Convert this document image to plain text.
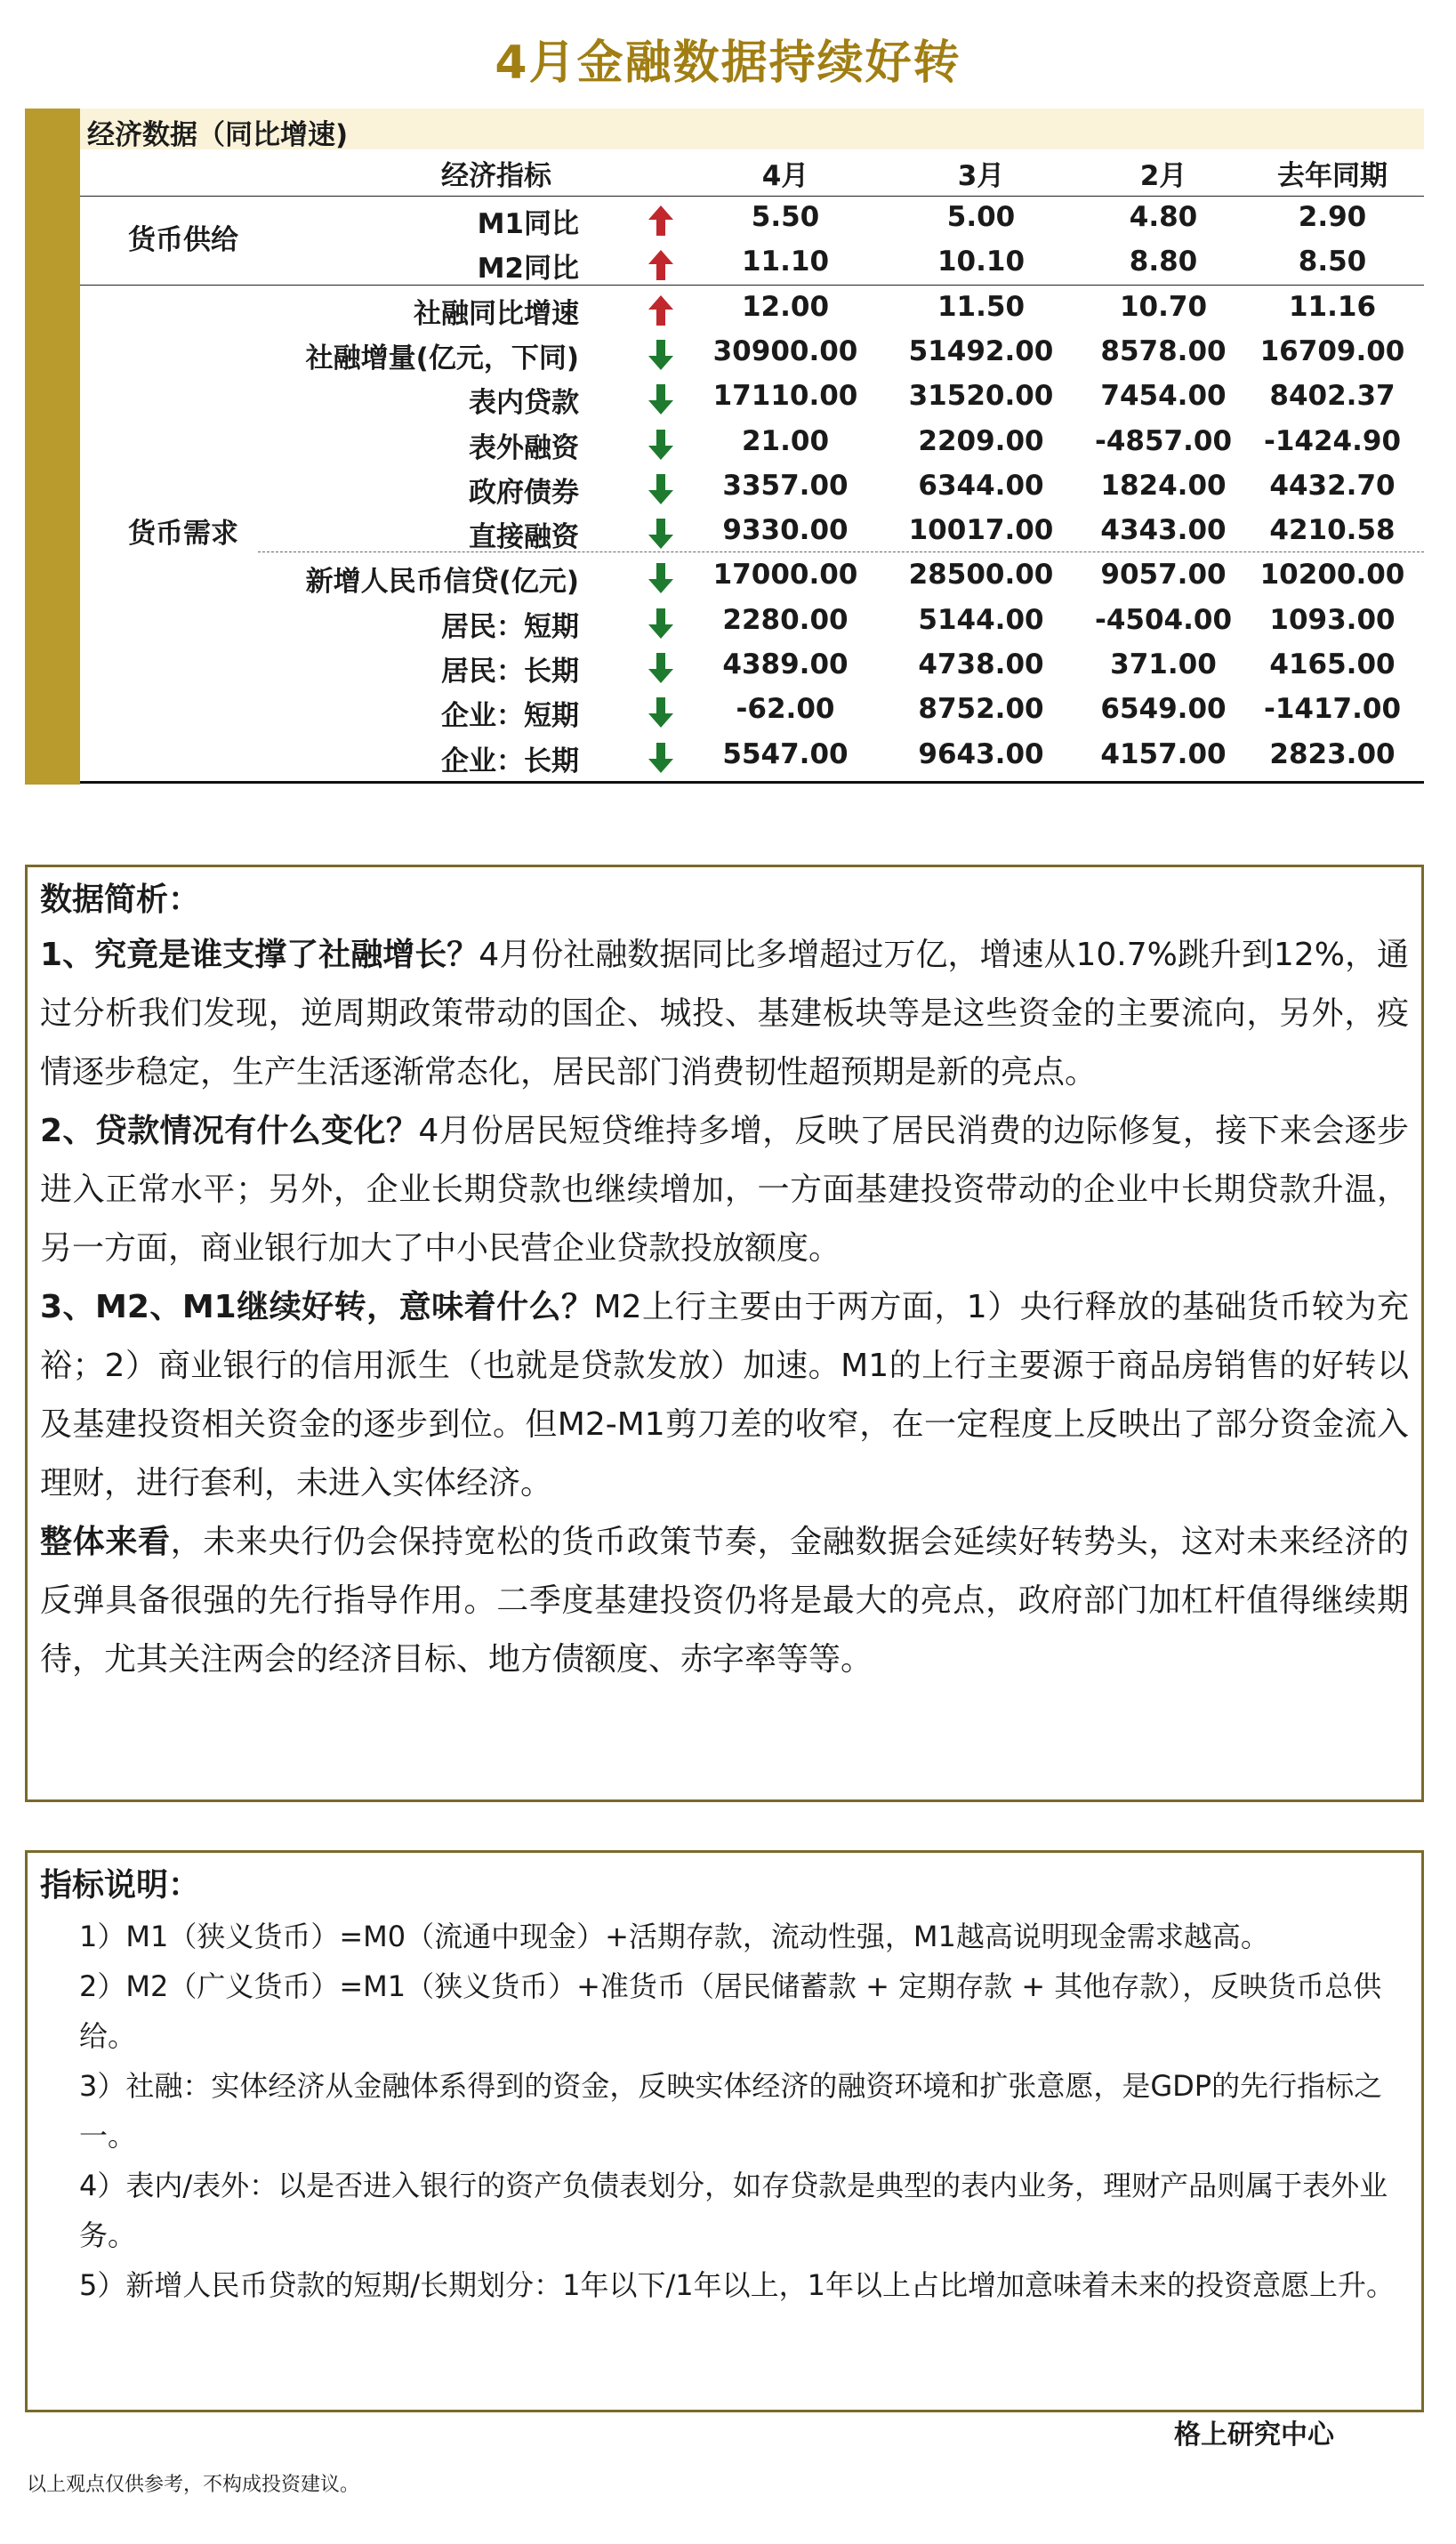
4月金融数据持续好转
经济数据（同比增速)
经济指标	4月	3月	2月	去年同期
货币供给
货币需求
M1同比	5.50	5.00	4.80	2.90
M2同比	11.10	10.10	8.80	8.50
社融同比增速	12.00	11.50	10.70	11.16
社融增量(亿元，下同)	30900.00	51492.00	8578.00	16709.00
表内贷款	17110.00	31520.00	7454.00	8402.37
表外融资	21.00	2209.00	-4857.00	-1424.90
政府债券	3357.00	6344.00	1824.00	4432.70
直接融资	9330.00	10017.00	4343.00	4210.58
新增人民币信贷(亿元)	17000.00	28500.00	9057.00	10200.00
居民：短期	2280.00	5144.00	-4504.00	1093.00
居民：长期	4389.00	4738.00	371.00	4165.00
企业：短期	-62.00	8752.00	6549.00	-1417.00
企业：长期	5547.00	9643.00	4157.00	2823.00
数据简析：

1、究竟是谁支撑了社融增长？4月份社融数据同比多增超过万亿，增速从10.7%跳升到12%，通过分析我们发现，逆周期政策带动的国企、城投、基建板块等是这些资金的主要流向，另外，疫情逐步稳定，生产生活逐渐常态化，居民部门消费韧性超预期是新的亮点。

2、贷款情况有什么变化？4月份居民短贷维持多增，反映了居民消费的边际修复，接下来会逐步进入正常水平；另外，企业长期贷款也继续增加，一方面基建投资带动的企业中长期贷款升温，另一方面，商业银行加大了中小民营企业贷款投放额度。

3、M2、M1继续好转，意味着什么？M2上行主要由于两方面，1）央行释放的基础货币较为充裕；2）商业银行的信用派生（也就是贷款发放）加速。M1的上行主要源于商品房销售的好转以及基建投资相关资金的逐步到位。但M2-M1剪刀差的收窄，在一定程度上反映出了部分资金流入理财，进行套利，未进入实体经济。

整体来看，未来央行仍会保持宽松的货币政策节奏，金融数据会延续好转势头，这对未来经济的反弹具备很强的先行指导作用。二季度基建投资仍将是最大的亮点，政府部门加杠杆值得继续期待，尤其关注两会的经济目标、地方债额度、赤字率等等。

指标说明：

1）M1（狭义货币）=M0（流通中现金）+活期存款，流动性强，M1越高说明现金需求越高。

2）M2（广义货币）=M1（狭义货币）+准货币（居民储蓄款 + 定期存款 + 其他存款），反映货币总供给。

3）社融：实体经济从金融体系得到的资金，反映实体经济的融资环境和扩张意愿，是GDP的先行指标之一。

4）表内/表外：以是否进入银行的资产负债表划分，如存贷款是典型的表内业务，理财产品则属于表外业务。

5）新增人民币贷款的短期/长期划分：1年以下/1年以上，1年以上占比增加意味着未来的投资意愿上升。

格上研究中心
以上观点仅供参考，不构成投资建议。
